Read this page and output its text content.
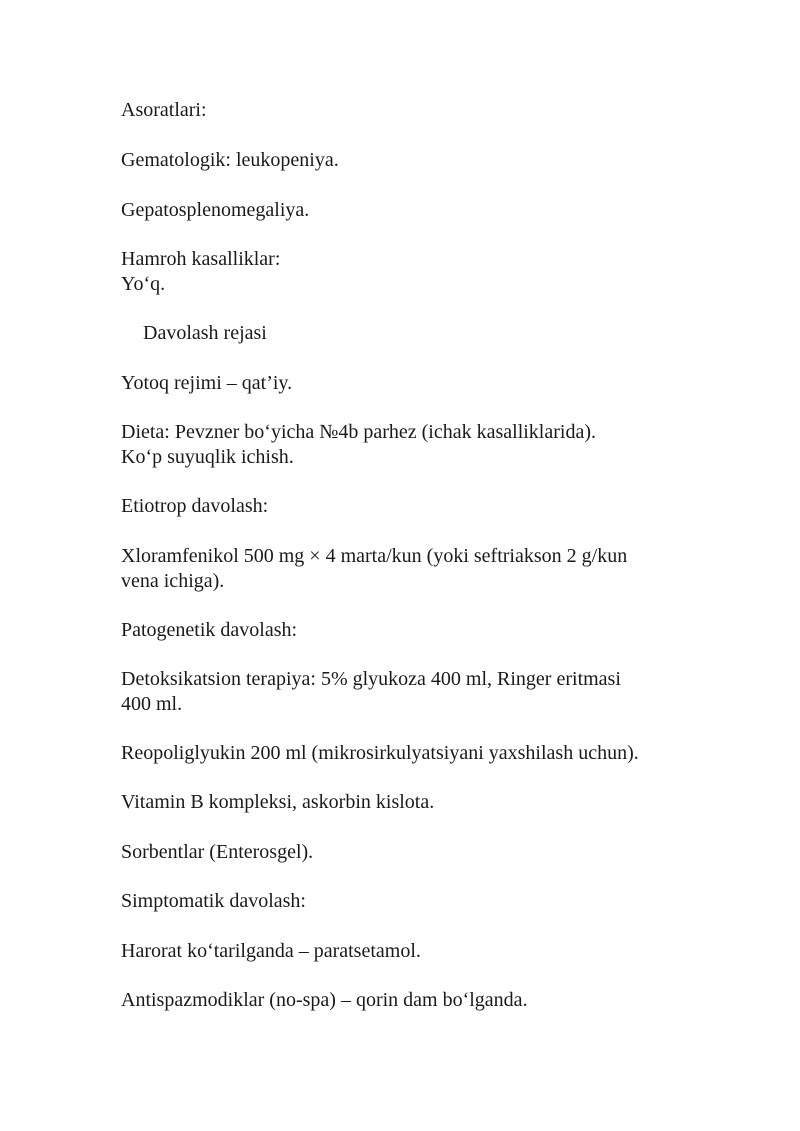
Asoratlari:

Gematologik: leukopeniya.

Gepatosplenomegaliya.

Hamroh kasalliklar:

Yo‘q.

Davolash rejasi

Yotoq rejimi – qat’iy.

Dieta: Pevzner bo‘yicha №4b parhez (ichak kasalliklarida).

Ko‘p suyuqlik ichish.

Etiotrop davolash:

Xloramfenikol 500 mg × 4 marta/kun (yoki seftriakson 2 g/kun

vena ichiga).

Patogenetik davolash:

Detoksikatsion terapiya: 5% glyukoza 400 ml, Ringer eritmasi

400 ml.

Reopoliglyukin 200 ml (mikrosirkulyatsiyani yaxshilash uchun).

Vitamin B kompleksi, askorbin kislota.

Sorbentlar (Enterosgel).

Simptomatik davolash:

Harorat ko‘tarilganda – paratsetamol.

Antispazmodiklar (no-spa) – qorin dam bo‘lganda.
